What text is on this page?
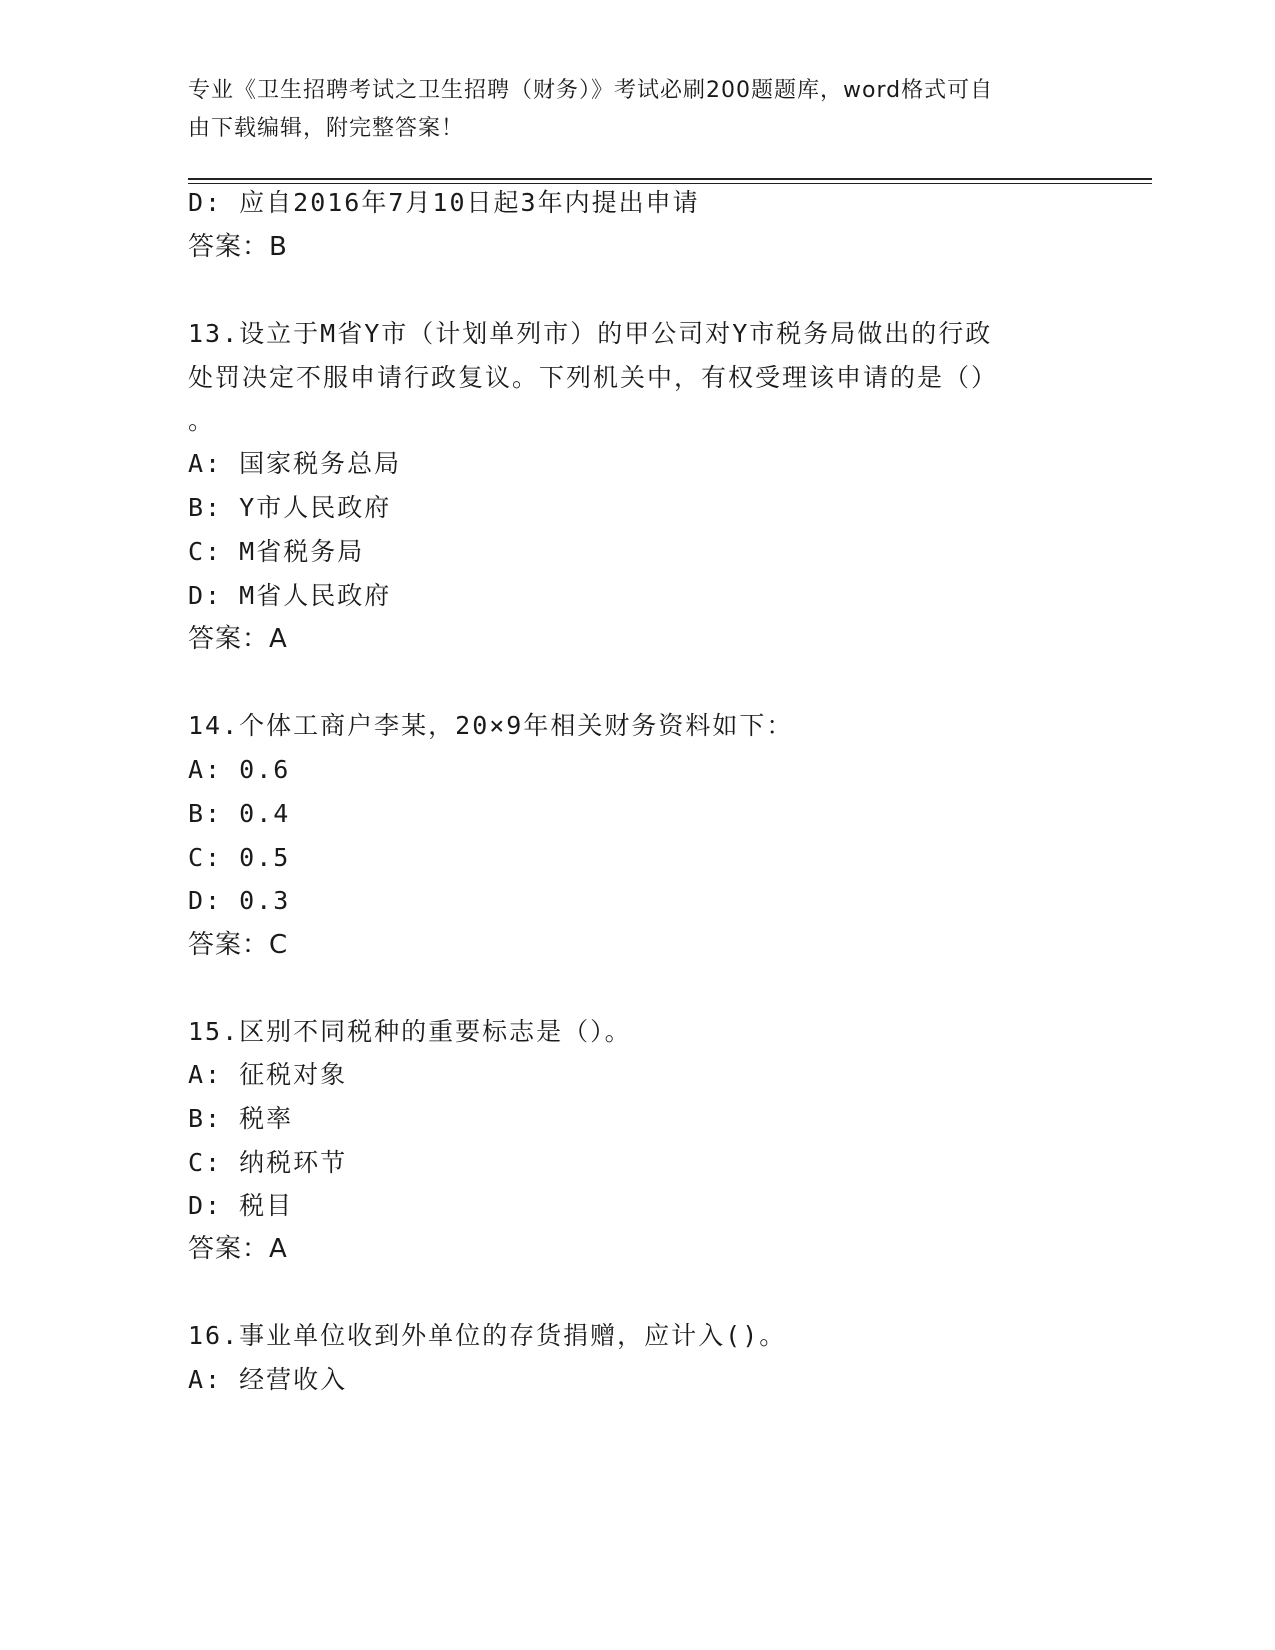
专业《卫生招聘考试之卫生招聘（财务）》考试必刷200题题库，word格式可自
由下载编辑，附完整答案！
D: 应自2016年7月10日起3年内提出申请
答案：B
13.设立于M省Y市（计划单列市）的甲公司对Y市税务局做出的行政
处罚决定不服申请行政复议。下列机关中，有权受理该申请的是（）
。
A: 国家税务总局
B: Y市人民政府
C: M省税务局
D: M省人民政府
答案：A
14.个体工商户李某，20×9年相关财务资料如下：
A: 0.6
B: 0.4
C: 0.5
D: 0.3
答案：C
15.区别不同税种的重要标志是（）。
A: 征税对象
B: 税率
C: 纳税环节
D: 税目
答案：A
16.事业单位收到外单位的存货捐赠，应计入()。
A: 经营收入
